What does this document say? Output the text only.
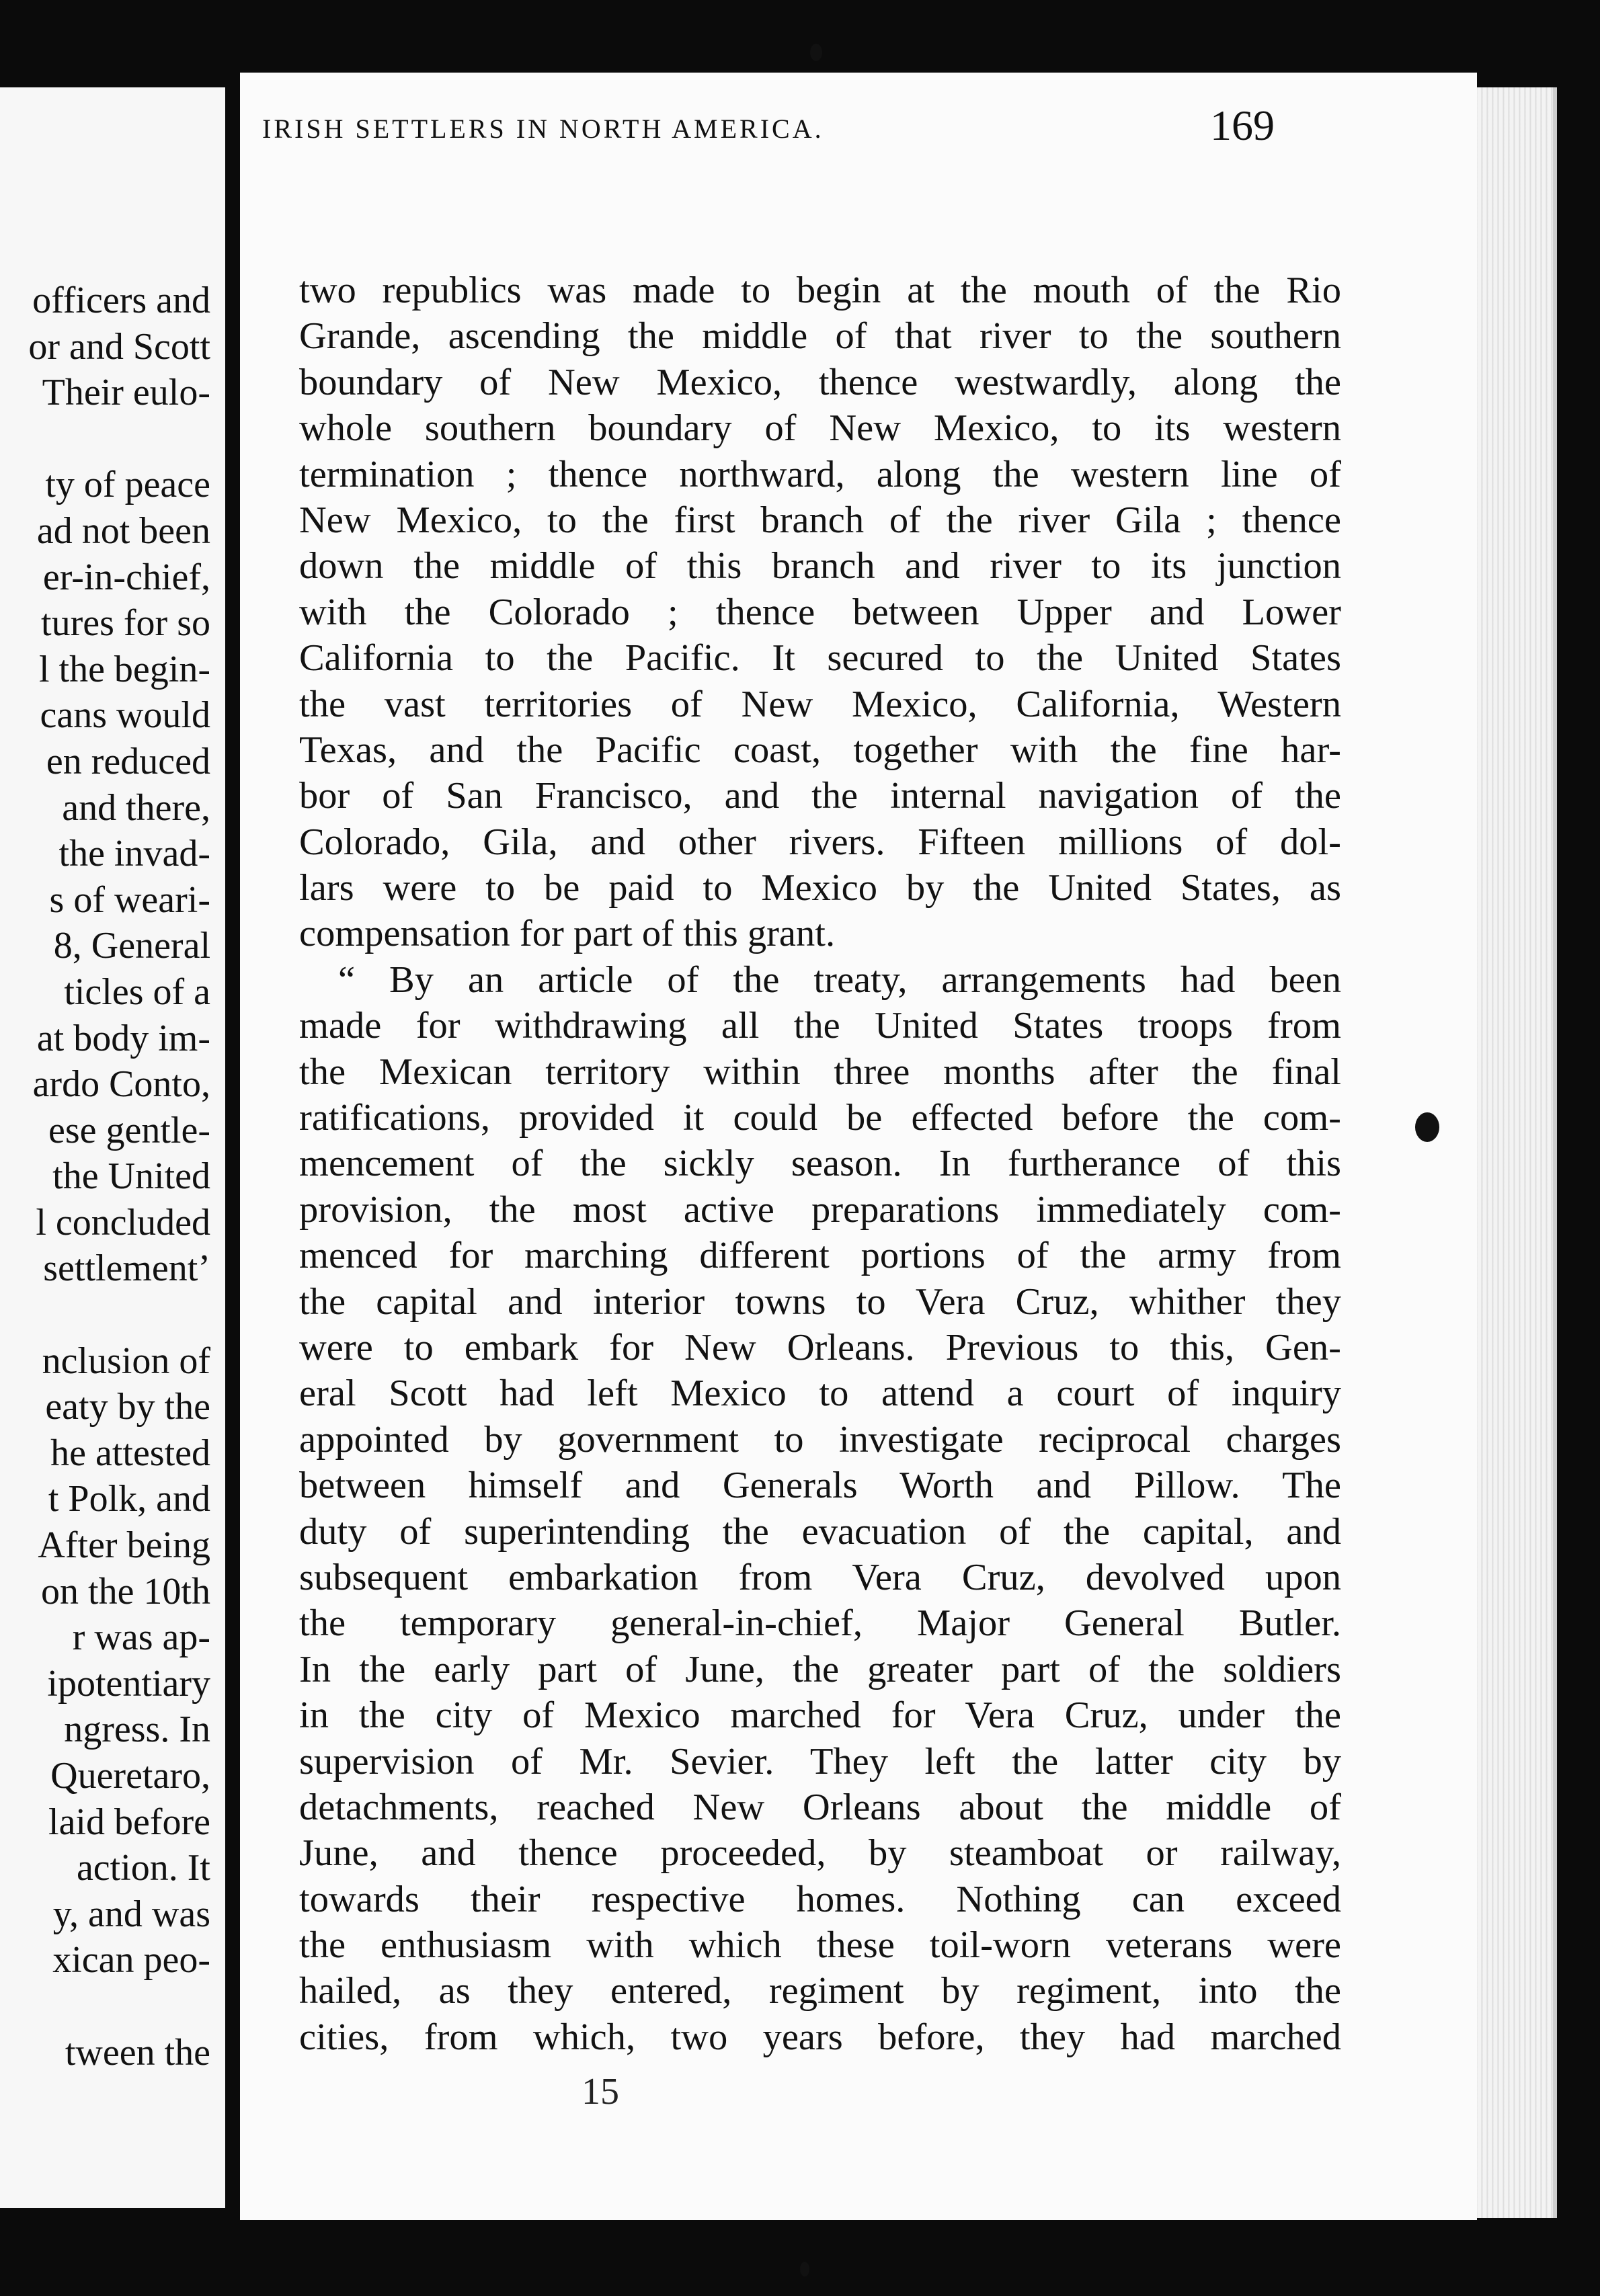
officers and
or and Scott
Their eulo-

ty of peace
ad not been
er-in-chief,
tures for so
l the begin-
cans would
en reduced
and there,
the invad-
s of weari-
8, General
ticles of a
at body im-
ardo Conto,
ese gentle-
the United
l concluded
settlement’

nclusion of
eaty by the
he attested
t Polk, and
After being
on the 10th
r was ap-
ipotentiary
ngress. In
Queretaro,
laid before
action. It
y, and was
xican peo-

tween the
IRISH SETTLERS IN NORTH AMERICA.	169
two republics was made to begin at the mouth of the Rio
Grande, ascending the middle of that river to the southern
boundary of New Mexico, thence westwardly, along the
whole southern boundary of New Mexico, to its western
termination ; thence northward, along the western line of
New Mexico, to the first branch of the river Gila ; thence
down the middle of this branch and river to its junction
with the Colorado ; thence between Upper and Lower
California to the Pacific. It secured to the United States
the vast territories of New Mexico, California, Western
Texas, and the Pacific coast, together with the fine har-
bor of San Francisco, and the internal navigation of the
Colorado, Gila, and other rivers. Fifteen millions of dol-
lars were to be paid to Mexico by the United States, as
compensation for part of this grant.
“ By an article of the treaty, arrangements had been
made for withdrawing all the United States troops from
the Mexican territory within three months after the final
ratifications, provided it could be effected before the com-
mencement of the sickly season. In furtherance of this
provision, the most active preparations immediately com-
menced for marching different portions of the army from
the capital and interior towns to Vera Cruz, whither they
were to embark for New Orleans. Previous to this, Gen-
eral Scott had left Mexico to attend a court of inquiry
appointed by government to investigate reciprocal charges
between himself and Generals Worth and Pillow. The
duty of superintending the evacuation of the capital, and
subsequent embarkation from Vera Cruz, devolved upon
the temporary general-in-chief, Major General Butler.
In the early part of June, the greater part of the soldiers
in the city of Mexico marched for Vera Cruz, under the
supervision of Mr. Sevier. They left the latter city by
detachments, reached New Orleans about the middle of
June, and thence proceeded, by steamboat or railway,
towards their respective homes. Nothing can exceed
the enthusiasm with which these toil-worn veterans were
hailed, as they entered, regiment by regiment, into the
cities, from which, two years before, they had marched
15
